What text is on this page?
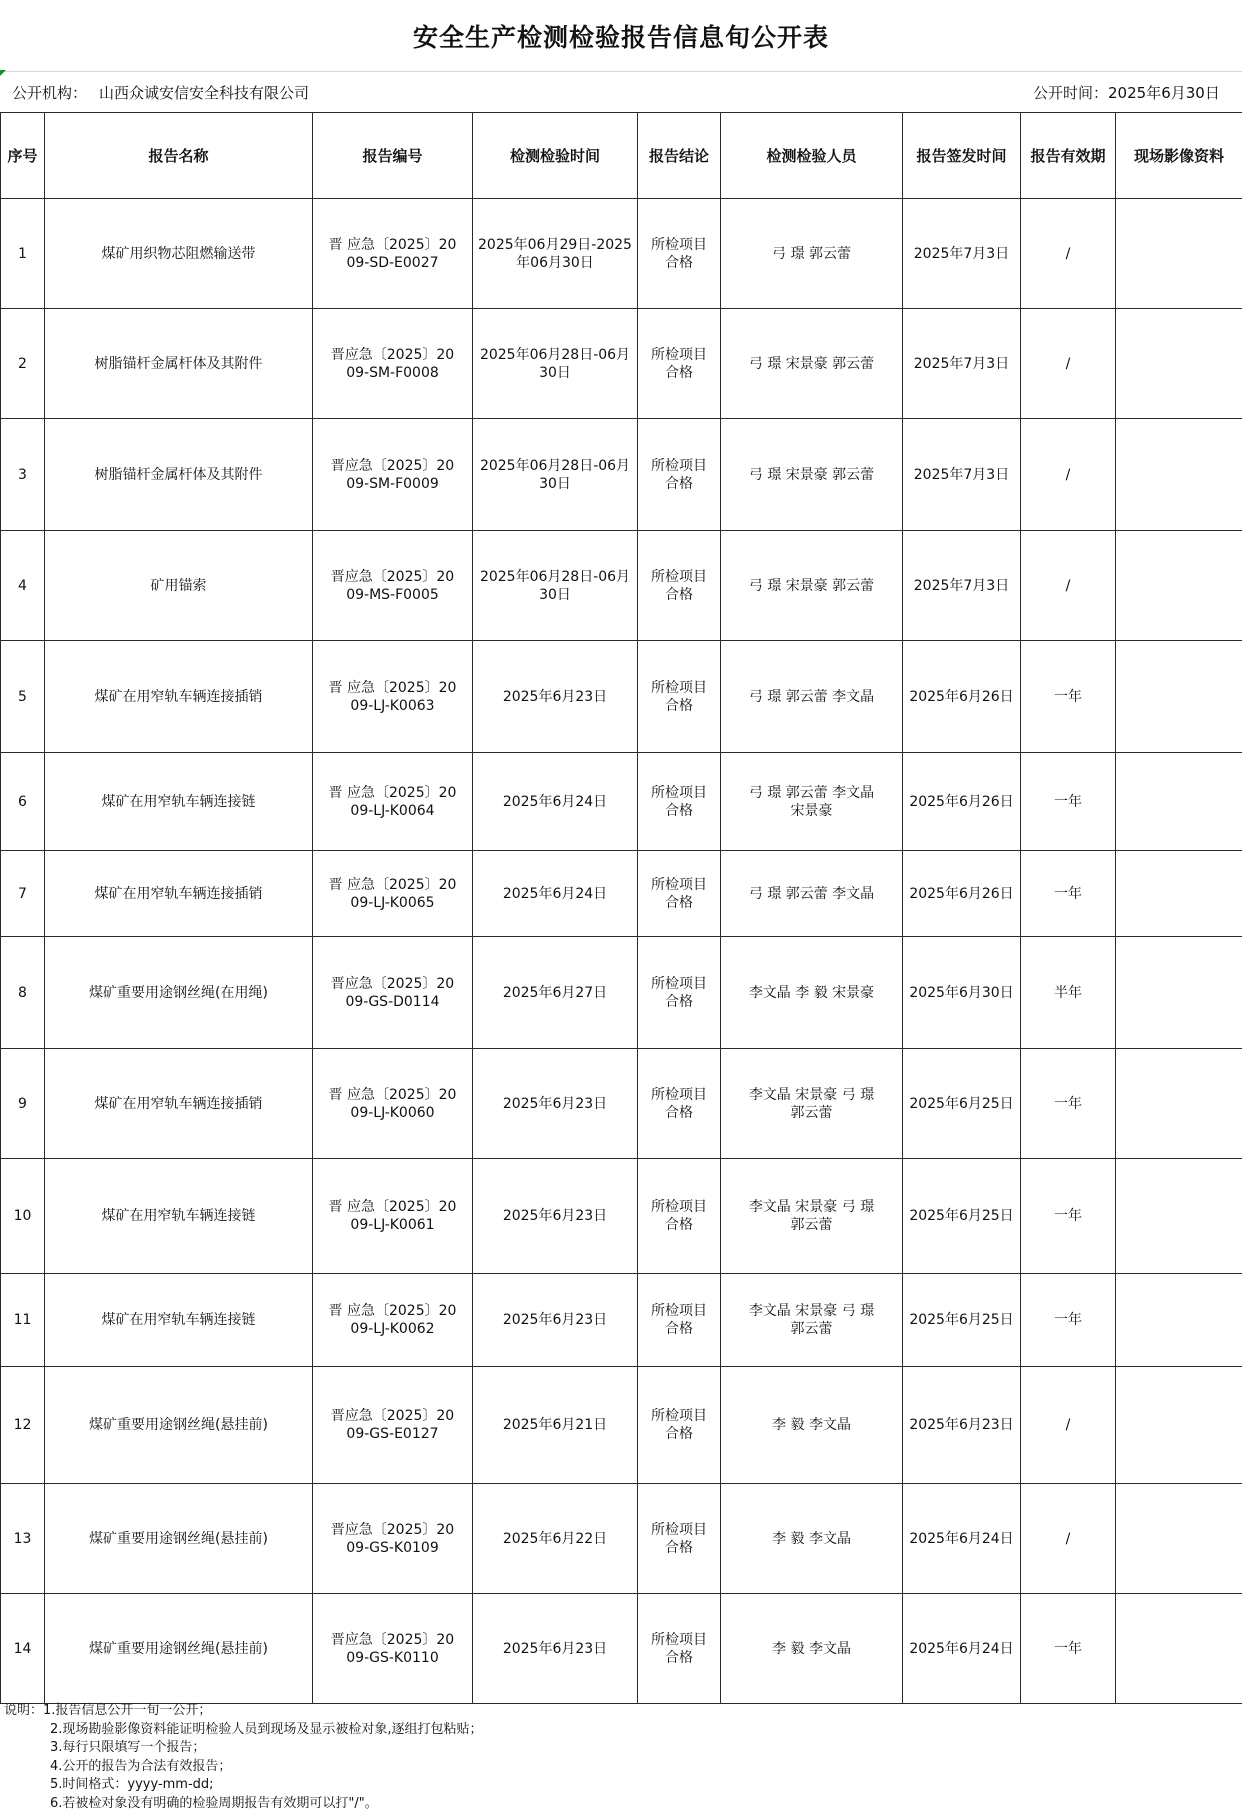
安全生产检测检验报告信息旬公开表
公开机构： 山西众诚安信安全科技有限公司	公开时间：2025年6月30日
序号	报告名称	报告编号	检测检验时间	报告结论	检测检验人员	报告签发时间	报告有效期	现场影像资料
1	煤矿用织物芯阻燃输送带	晋 应急〔2025〕20
09-SD-E0027	2025年06月29日-2025
年06月30日	所检项目
合格	弓 璟 郭云蕾	2025年7月3日	/	

2	树脂锚杆金属杆体及其附件	晋应急〔2025〕20
09-SM-F0008	2025年06月28日-06月
30日	所检项目
合格	弓 璟 宋景豪 郭云蕾	2025年7月3日	/	

3	树脂锚杆金属杆体及其附件	晋应急〔2025〕20
09-SM-F0009	2025年06月28日-06月
30日	所检项目
合格	弓 璟 宋景豪 郭云蕾	2025年7月3日	/	

4	矿用锚索	晋应急〔2025〕20
09-MS-F0005	2025年06月28日-06月
30日	所检项目
合格	弓 璟 宋景豪 郭云蕾	2025年7月3日	/	

5	煤矿在用窄轨车辆连接插销	晋 应急〔2025〕20
09-LJ-K0063	2025年6月23日	所检项目
合格	弓 璟 郭云蕾 李文晶	2025年6月26日	一年	

6	煤矿在用窄轨车辆连接链	晋 应急〔2025〕20
09-LJ-K0064	2025年6月24日	所检项目
合格	弓 璟 郭云蕾 李文晶
宋景豪	2025年6月26日	一年	

7	煤矿在用窄轨车辆连接插销	晋 应急〔2025〕20
09-LJ-K0065	2025年6月24日	所检项目
合格	弓 璟 郭云蕾 李文晶	2025年6月26日	一年	

8	煤矿重要用途钢丝绳(在用绳)	晋应急〔2025〕20
09-GS-D0114	2025年6月27日	所检项目
合格	李文晶 李 毅 宋景豪	2025年6月30日	半年	

9	煤矿在用窄轨车辆连接插销	晋 应急〔2025〕20
09-LJ-K0060	2025年6月23日	所检项目
合格	李文晶 宋景豪 弓 璟
郭云蕾	2025年6月25日	一年	

10	煤矿在用窄轨车辆连接链	晋 应急〔2025〕20
09-LJ-K0061	2025年6月23日	所检项目
合格	李文晶 宋景豪 弓 璟
郭云蕾	2025年6月25日	一年	

11	煤矿在用窄轨车辆连接链	晋 应急〔2025〕20
09-LJ-K0062	2025年6月23日	所检项目
合格	李文晶 宋景豪 弓 璟
郭云蕾	2025年6月25日	一年	

12	煤矿重要用途钢丝绳(悬挂前)	晋应急〔2025〕20
09-GS-E0127	2025年6月21日	所检项目
合格	李 毅 李文晶	2025年6月23日	/	

13	煤矿重要用途钢丝绳(悬挂前)	晋应急〔2025〕20
09-GS-K0109	2025年6月22日	所检项目
合格	李 毅 李文晶	2025年6月24日	/	

14	煤矿重要用途钢丝绳(悬挂前)	晋应急〔2025〕20
09-GS-K0110	2025年6月23日	所检项目
合格	李 毅 李文晶	2025年6月24日	一年	
说明：1.报告信息公开一旬一公开；
2.现场勘验影像资料能证明检验人员到现场及显示被检对象,逐组打包粘贴；
3.每行只限填写一个报告；
4.公开的报告为合法有效报告；
5.时间格式：yyyy-mm-dd;
6.若被检对象没有明确的检验周期报告有效期可以打"/"。
